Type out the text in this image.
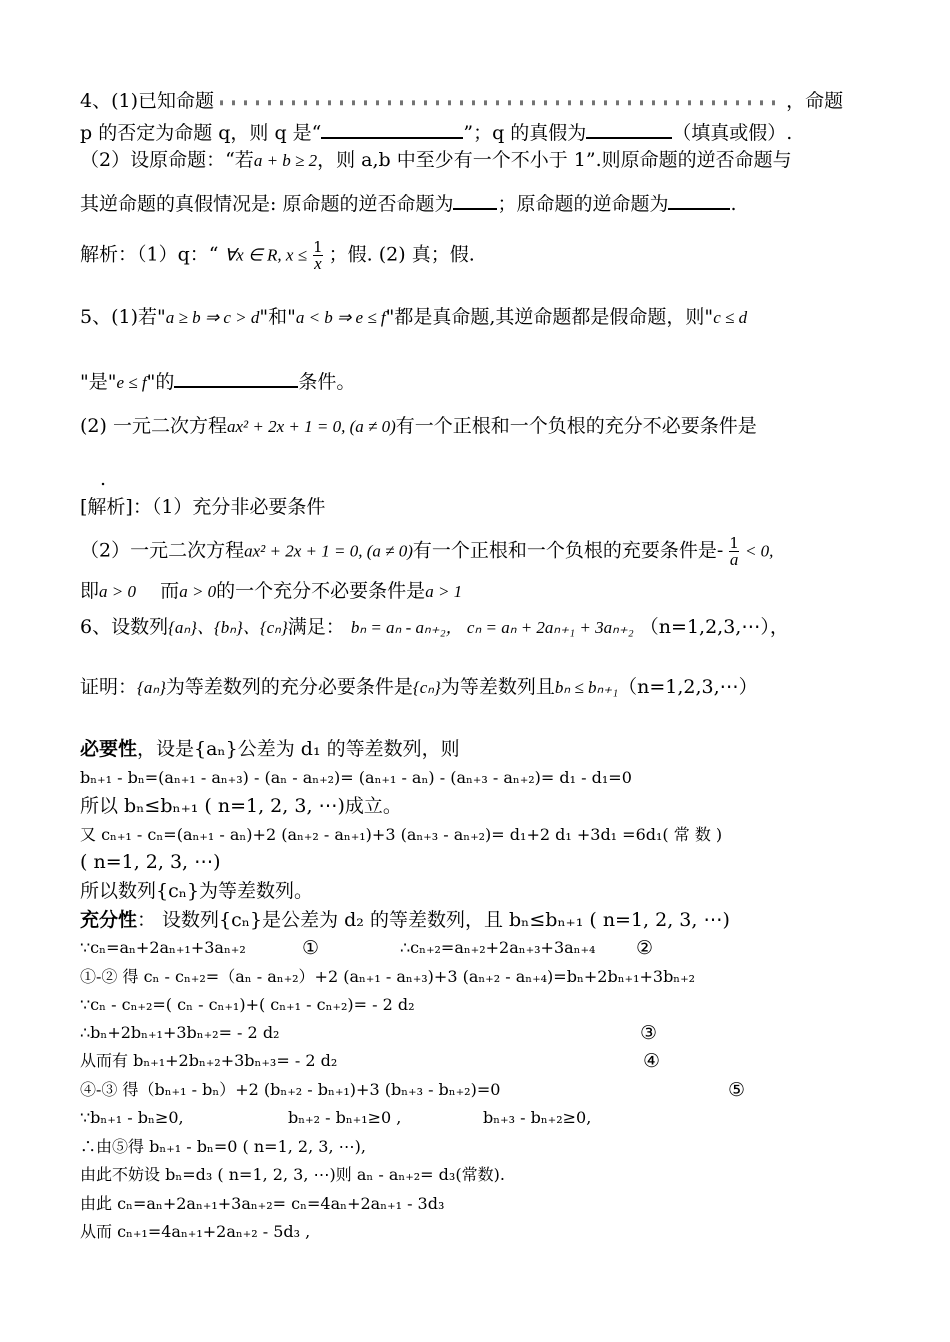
4、(1)已知命题	，命题
p 的否定为命题 q，则 q 是“	”；q 的真假为	（填真或假）.
（2）设原命题：“若a + b ≥ 2，则 a,b 中至少有一个不小于 1”.则原命题的逆否命题与
其逆命题的真假情况是: 原命题的逆否命题为 ；原命题的逆命题为	.
解析：（1）q：“ ∀x ∈ R, $x \le \frac{1}{x}$ ；假. (2) 真；假.
5、(1)若"a ≥ b ⇒ c > d"和"a < b ⇒ e ≤ f"都是真命题,其逆命题都是假命题，则"c ≤ d
"是"e ≤ f"的	条件。
(2) 一元二次方程ax² + 2x + 1 = 0, (a ≠ 0)有一个正根和一个负根的充分不必要条件是
.
[解析]：（1）充分非必要条件
（2）一元二次方程ax² + 2x + 1 = 0, (a ≠ 0)有一个正根和一个负根的充要条件是- $\frac{1}{a} < 0$,
即a > 0 而a > 0的一个充分不必要条件是a > 1
6、设数列{aₙ}、{bₙ}、{cₙ}满足： bₙ = aₙ - aₙ₊₂， cₙ = aₙ + 2aₙ₊₁ + 3aₙ₊₂ （n=1,2,3,⋯），
证明：{aₙ}为等差数列的充分必要条件是{cₙ}为等差数列且bₙ ≤ bₙ₊₁（n=1,2,3,⋯）
必要性，设是{aₙ}公差为 d₁ 的等差数列，则
bₙ₊₁ - bₙ=(aₙ₊₁ - aₙ₊₃) - (aₙ - aₙ₊₂)= (aₙ₊₁ - aₙ) - (aₙ₊₃ - aₙ₊₂)= d₁ - d₁=0
所以 bₙ≤bₙ₊₁ ( n=1, 2, 3, ⋯)成立。
又 cₙ₊₁ - cₙ=(aₙ₊₁ - aₙ)+2 (aₙ₊₂ - aₙ₊₁)+3 (aₙ₊₃ - aₙ₊₂)= d₁+2 d₁ +3d₁ =6d₁( 常 数 )
( n=1, 2, 3, ⋯)
所以数列{cₙ}为等差数列。
充分性： 设数列{cₙ}是公差为 d₂ 的等差数列，且 bₙ≤bₙ₊₁ ( n=1, 2, 3, ⋯)
∵cₙ=aₙ+2aₙ₊₁+3aₙ₊₂	①	∴cₙ₊₂=aₙ₊₂+2aₙ₊₃+3aₙ₊₄ ②
①-② 得 cₙ - cₙ₊₂=（aₙ - aₙ₊₂）+2 (aₙ₊₁ - aₙ₊₃)+3 (aₙ₊₂ - aₙ₊₄)=bₙ+2bₙ₊₁+3bₙ₊₂
∵cₙ - cₙ₊₂=( cₙ - cₙ₊₁)+( cₙ₊₁ - cₙ₊₂)= - 2 d₂
∴bₙ+2bₙ₊₁+3bₙ₊₂= - 2 d₂	③
从而有 bₙ₊₁+2bₙ₊₂+3bₙ₊₃= - 2 d₂	④
④-③ 得（bₙ₊₁ - bₙ）+2 (bₙ₊₂ - bₙ₊₁)+3 (bₙ₊₃ - bₙ₊₂)=0	⑤
∵bₙ₊₁ - bₙ≥0,	bₙ₊₂ - bₙ₊₁≥0 ,	bₙ₊₃ - bₙ₊₂≥0,
∴由⑤得 bₙ₊₁ - bₙ=0 ( n=1, 2, 3, ⋯),
由此不妨设 bₙ=d₃ ( n=1, 2, 3, ⋯)则 aₙ - aₙ₊₂= d₃(常数).
由此 cₙ=aₙ+2aₙ₊₁+3aₙ₊₂= cₙ=4aₙ+2aₙ₊₁ - 3d₃
从而 cₙ₊₁=4aₙ₊₁+2aₙ₊₂ - 5d₃ ,
